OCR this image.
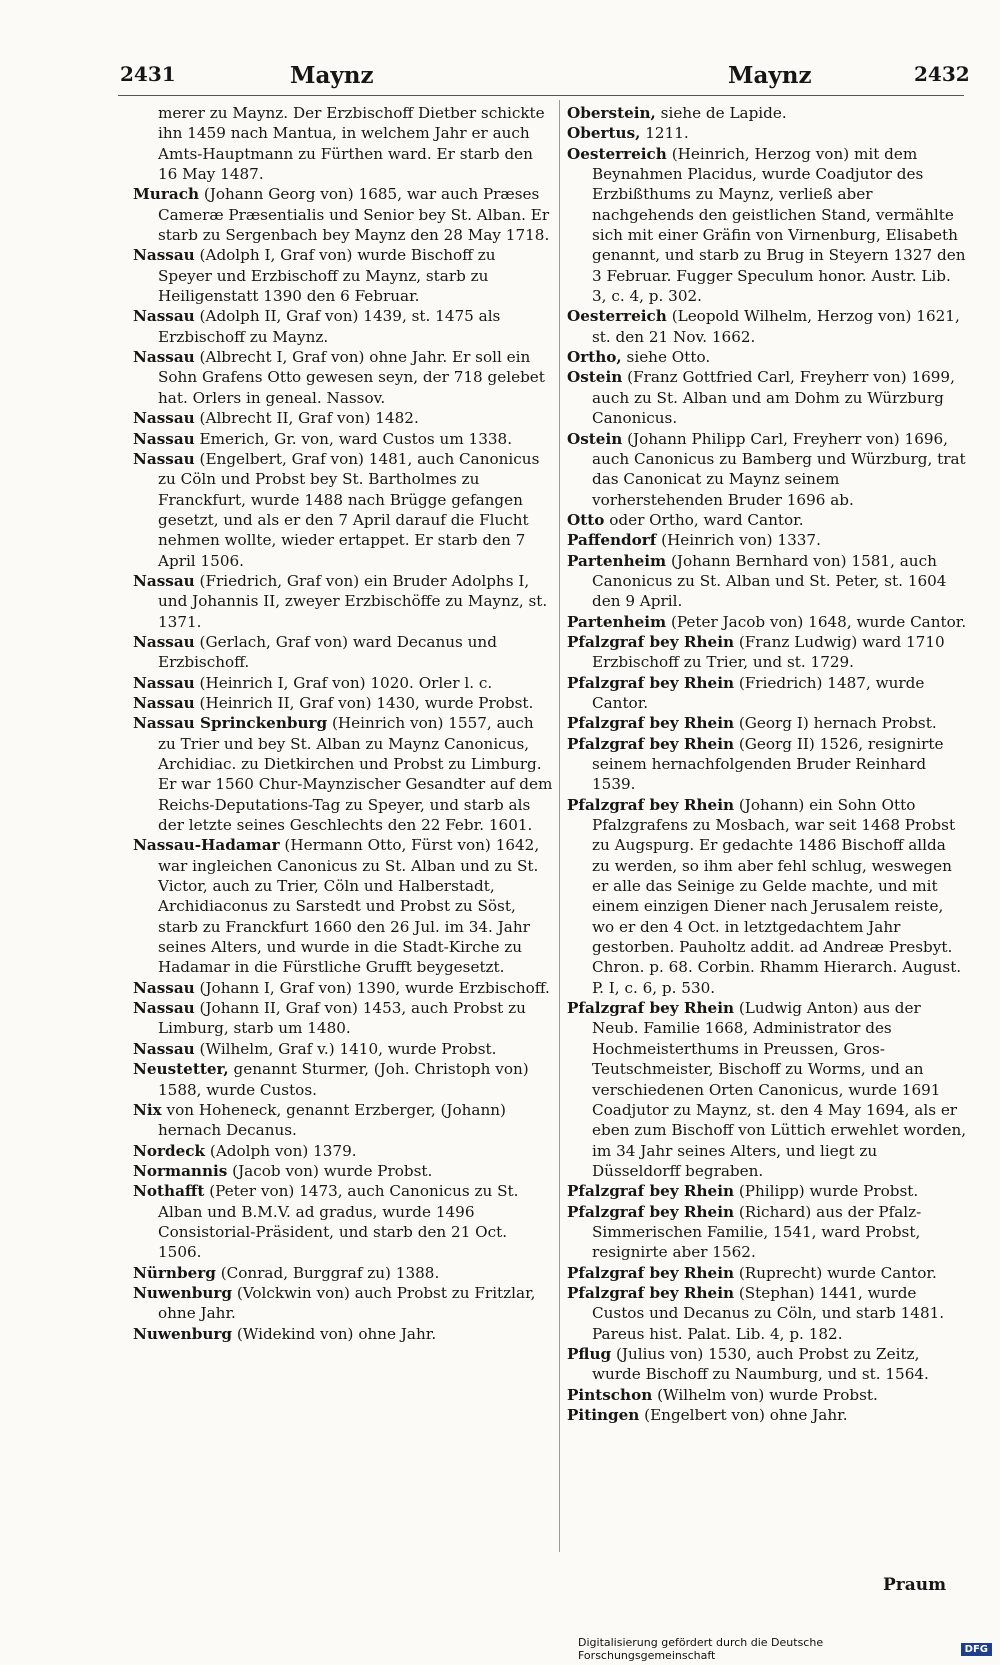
2431	Maynz	Maynz	2432
merer zu Maynz. Der Erzbischoff Dietber schickte ihn 1459 nach Mantua, in welchem Jahr er auch Amts-Hauptmann zu Fürthen ward. Er starb den 16 May 1487.
Murach (Johann Georg von) 1685, war auch Præses Cameræ Præsentialis und Senior bey St. Alban. Er starb zu Sergenbach bey Maynz den 28 May 1718.
Nassau (Adolph I, Graf von) wurde Bischoff zu Speyer und Erzbischoff zu Maynz, starb zu Heiligenstatt 1390 den 6 Februar.
Nassau (Adolph II, Graf von) 1439, st. 1475 als Erzbischoff zu Maynz.
Nassau (Albrecht I, Graf von) ohne Jahr. Er soll ein Sohn Grafens Otto gewesen seyn, der 718 gelebet hat. Orlers in geneal. Nassov.
Nassau (Albrecht II, Graf von) 1482.
Nassau Emerich, Gr. von, ward Custos um 1338.
Nassau (Engelbert, Graf von) 1481, auch Canonicus zu Cöln und Probst bey St. Bartholmes zu Franckfurt, wurde 1488 nach Brügge gefangen gesetzt, und als er den 7 April darauf die Flucht nehmen wollte, wieder ertappet. Er starb den 7 April 1506.
Nassau (Friedrich, Graf von) ein Bruder Adolphs I, und Johannis II, zweyer Erzbischöffe zu Maynz, st. 1371.
Nassau (Gerlach, Graf von) ward Decanus und Erzbischoff.
Nassau (Heinrich I, Graf von) 1020. Orler l. c.
Nassau (Heinrich II, Graf von) 1430, wurde Probst.
Nassau Sprinckenburg (Heinrich von) 1557, auch zu Trier und bey St. Alban zu Maynz Canonicus, Archidiac. zu Dietkirchen und Probst zu Limburg. Er war 1560 Chur-Maynzischer Gesandter auf dem Reichs-Deputations-Tag zu Speyer, und starb als der letzte seines Geschlechts den 22 Febr. 1601.
Nassau-Hadamar (Hermann Otto, Fürst von) 1642, war ingleichen Canonicus zu St. Alban und zu St. Victor, auch zu Trier, Cöln und Halberstadt, Archidiaconus zu Sarstedt und Probst zu Söst, starb zu Franckfurt 1660 den 26 Jul. im 34. Jahr seines Alters, und wurde in die Stadt-Kirche zu Hadamar in die Fürstliche Grufft beygesetzt.
Nassau (Johann I, Graf von) 1390, wurde Erzbischoff.
Nassau (Johann II, Graf von) 1453, auch Probst zu Limburg, starb um 1480.
Nassau (Wilhelm, Graf v.) 1410, wurde Probst.
Neustetter, genannt Sturmer, (Joh. Christoph von) 1588, wurde Custos.
Nix von Hoheneck, genannt Erzberger, (Johann) hernach Decanus.
Nordeck (Adolph von) 1379.
Normannis (Jacob von) wurde Probst.
Nothafft (Peter von) 1473, auch Canonicus zu St. Alban und B.M.V. ad gradus, wurde 1496 Consistorial-Präsident, und starb den 21 Oct. 1506.
Nürnberg (Conrad, Burggraf zu) 1388.
Nuwenburg (Volckwin von) auch Probst zu Fritzlar, ohne Jahr.
Nuwenburg (Widekind von) ohne Jahr.
Oberstein, siehe de Lapide.
Obertus, 1211.
Oesterreich (Heinrich, Herzog von) mit dem Beynahmen Placidus, wurde Coadjutor des Erzbißthums zu Maynz, verließ aber nachgehends den geistlichen Stand, vermählte sich mit einer Gräfin von Virnenburg, Elisabeth genannt, und starb zu Brug in Steyern 1327 den 3 Februar. Fugger Speculum honor. Austr. Lib. 3, c. 4, p. 302.
Oesterreich (Leopold Wilhelm, Herzog von) 1621, st. den 21 Nov. 1662.
Ortho, siehe Otto.
Ostein (Franz Gottfried Carl, Freyherr von) 1699, auch zu St. Alban und am Dohm zu Würzburg Canonicus.
Ostein (Johann Philipp Carl, Freyherr von) 1696, auch Canonicus zu Bamberg und Würzburg, trat das Canonicat zu Maynz seinem vorherstehenden Bruder 1696 ab.
Otto oder Ortho, ward Cantor.
Paffendorf (Heinrich von) 1337.
Partenheim (Johann Bernhard von) 1581, auch Canonicus zu St. Alban und St. Peter, st. 1604 den 9 April.
Partenheim (Peter Jacob von) 1648, wurde Cantor.
Pfalzgraf bey Rhein (Franz Ludwig) ward 1710 Erzbischoff zu Trier, und st. 1729.
Pfalzgraf bey Rhein (Friedrich) 1487, wurde Cantor.
Pfalzgraf bey Rhein (Georg I) hernach Probst.
Pfalzgraf bey Rhein (Georg II) 1526, resignirte seinem hernachfolgenden Bruder Reinhard 1539.
Pfalzgraf bey Rhein (Johann) ein Sohn Otto Pfalzgrafens zu Mosbach, war seit 1468 Probst zu Augspurg. Er gedachte 1486 Bischoff allda zu werden, so ihm aber fehl schlug, weswegen er alle das Seinige zu Gelde machte, und mit einem einzigen Diener nach Jerusalem reiste, wo er den 4 Oct. in letztgedachtem Jahr gestorben. Pauholtz addit. ad Andreæ Presbyt. Chron. p. 68. Corbin. Rhamm Hierarch. August. P. I, c. 6, p. 530.
Pfalzgraf bey Rhein (Ludwig Anton) aus der Neub. Familie 1668, Administrator des Hochmeisterthums in Preussen, Gros-Teutschmeister, Bischoff zu Worms, und an verschiedenen Orten Canonicus, wurde 1691 Coadjutor zu Maynz, st. den 4 May 1694, als er eben zum Bischoff von Lüttich erwehlet worden, im 34 Jahr seines Alters, und liegt zu Düsseldorff begraben.
Pfalzgraf bey Rhein (Philipp) wurde Probst.
Pfalzgraf bey Rhein (Richard) aus der Pfalz-Simmerischen Familie, 1541, ward Probst, resignirte aber 1562.
Pfalzgraf bey Rhein (Ruprecht) wurde Cantor.
Pfalzgraf bey Rhein (Stephan) 1441, wurde Custos und Decanus zu Cöln, und starb 1481. Pareus hist. Palat. Lib. 4, p. 182.
Pflug (Julius von) 1530, auch Probst zu Zeitz, wurde Bischoff zu Naumburg, und st. 1564.
Pintschon (Wilhelm von) wurde Probst.
Pitingen (Engelbert von) ohne Jahr.
Praum
Digitalisierung gefördert durch die Deutsche Forschungsgemeinschaft	DFG
